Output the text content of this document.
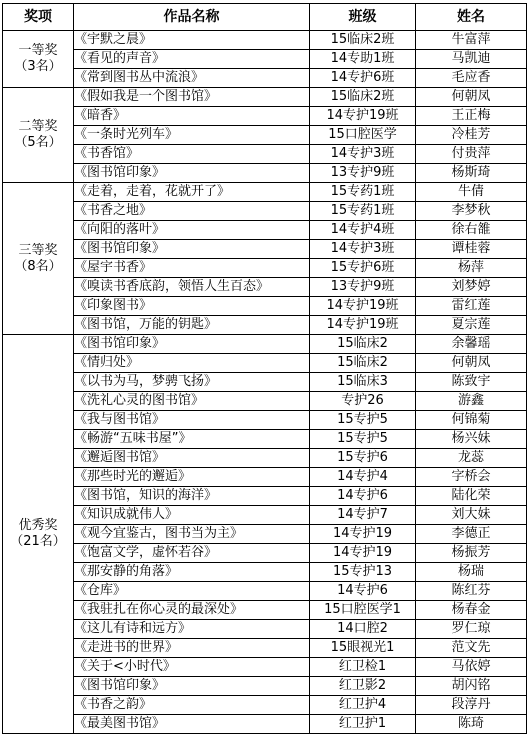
奖项	作品名称	班级	姓名

一等奖
（3名）	《宇默之晨》	15临床2班	牛富萍
	《看见的声音》	14专助1班	马凯迪
	《常到图书丛中流浪》	14专护6班	毛应香

二等奖
（5名）	《假如我是一个图书馆》	15临床2班	何朝凤
	《暗香》	14专护19班	王正梅
	《一条时光列车》	15口腔医学	冷桂芳
	《书香馆》	14专护3班	付贵萍
	《图书馆印象》	13专护9班	杨斯琦

三等奖
（8名）	《走着，走着，花就开了》	15专药1班	牛倩
	《书香之地》	15专药1班	李梦秋
	《向阳的落叶》	14专护4班	徐右雒
	《图书馆印象》	14专护3班	谭桂蓉
	《屋宇书香》	15专护6班	杨萍
	《嗅读书香底韵，领悟人生百态》	13专护9班	刘梦婷
	《印象图书》	14专护19班	雷红莲
	《图书馆，万能的钥匙》	14专护19班	夏宗莲

优秀奖
（21名）	《图书馆印象》	15临床2	余馨瑶
	《情归处》	15临床2	何朝凤
	《以书为马，梦骋飞扬》	15临床3	陈致宇
	《洗礼心灵的图书馆》	专护26	游鑫
	《我与图书馆》	15专护5	何锦菊
	《畅游“五味书屋”》	15专护5	杨兴妹
	《邂逅图书馆》	15专护6	龙蕊
	《那些时光的邂逅》	14专护4	字桥会
	《图书馆，知识的海洋》	14专护6	陆化荣
	《知识成就伟人》	14专护7	刘大妹
	《观今宜鉴古，图书当为主》	14专护19	李德正
	《饱富文学，虚怀若谷》	14专护19	杨振芳
	《那安静的角落》	15专护13	杨瑞
	《仓库》	14专护6	陈红芬
	《我驻扎在你心灵的最深处》	15口腔医学1	杨春金
	《这儿有诗和远方》	14口腔2	罗仁琼
	《走进书的世界》	15眼视光1	范文先
	《关于<小时代》	红卫检1	马依婷
	《图书馆印象》	红卫影2	胡闪铭
	《书香之韵》	红卫护4	段淳丹
	《最美图书馆》	红卫护1	陈琦
